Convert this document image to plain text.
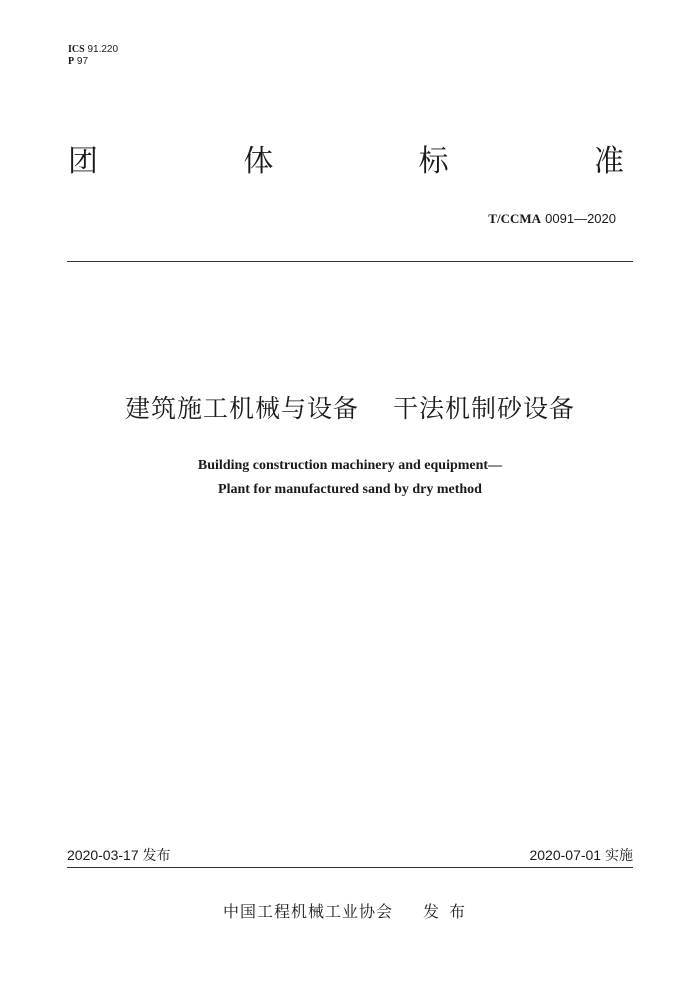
ICS 91.220
P 97
团	体	标	准
T/CCMA 0091—2020
建筑施工机械与设备 干法机制砂设备
Building construction machinery and equipment—
Plant for manufactured sand by dry method
2020-03-17 发布	2020-07-01 实施
中国工程机械工业协会 发布
